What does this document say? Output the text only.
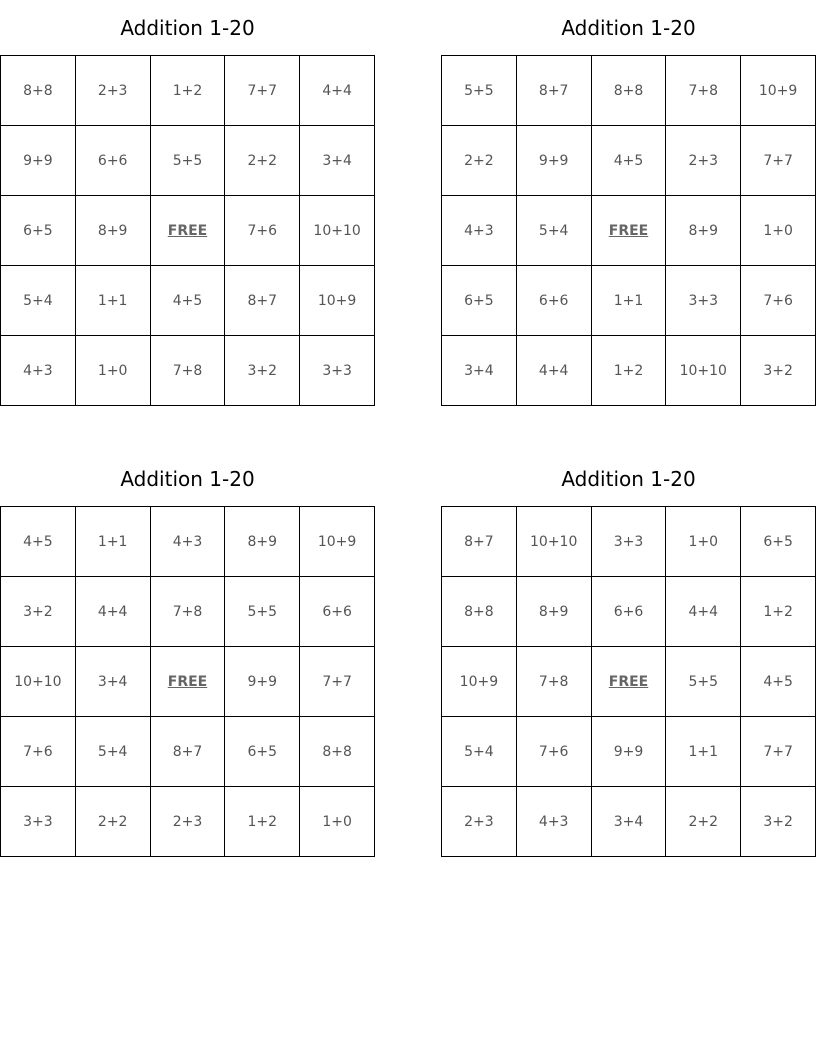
Addition 1-20
8+8	2+3	1+2	7+7	4+4
9+9	6+6	5+5	2+2	3+4
6+5	8+9	FREE	7+6	10+10
5+4	1+1	4+5	8+7	10+9
4+3	1+0	7+8	3+2	3+3
Addition 1-20
5+5	8+7	8+8	7+8	10+9
2+2	9+9	4+5	2+3	7+7
4+3	5+4	FREE	8+9	1+0
6+5	6+6	1+1	3+3	7+6
3+4	4+4	1+2	10+10	3+2
Addition 1-20
4+5	1+1	4+3	8+9	10+9
3+2	4+4	7+8	5+5	6+6
10+10	3+4	FREE	9+9	7+7
7+6	5+4	8+7	6+5	8+8
3+3	2+2	2+3	1+2	1+0
Addition 1-20
8+7	10+10	3+3	1+0	6+5
8+8	8+9	6+6	4+4	1+2
10+9	7+8	FREE	5+5	4+5
5+4	7+6	9+9	1+1	7+7
2+3	4+3	3+4	2+2	3+2
